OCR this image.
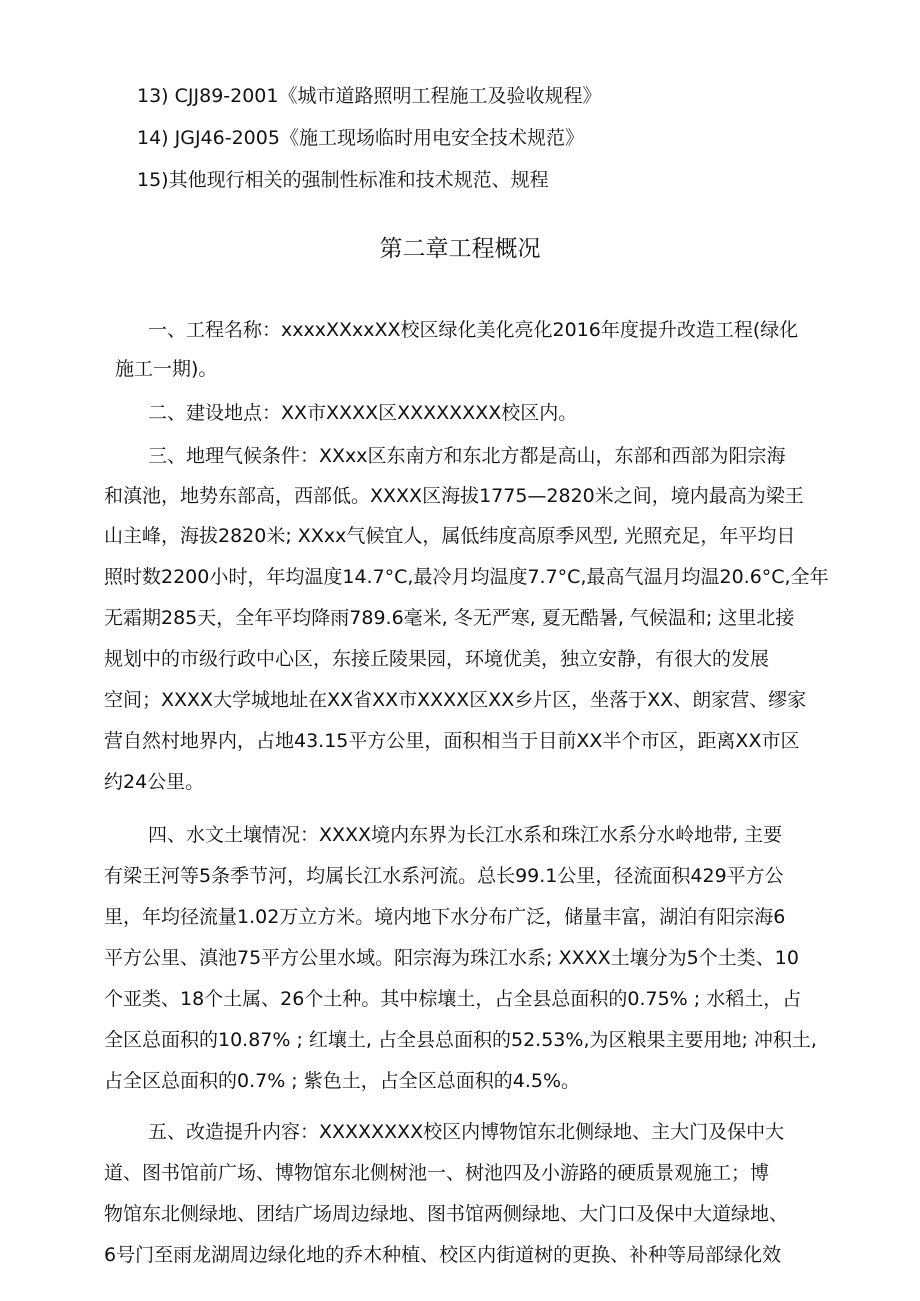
13) CJJ89-2001《城市道路照明工程施工及验收规程》
14) JGJ46-2005《施工现场临时用电安全技术规范》
15)其他现行相关的强制性标准和技术规范、规程
第二章工程概况
一、工程名称：xxxxXXxxXX校区绿化美化亮化2016年度提升改造工程(绿化
施工一期)。
二、建设地点：XX市XXXX区XXXXXXXX校区内。
三、地理气候条件：XXxx区东南方和东北方都是高山，东部和西部为阳宗海
和滇池，地势东部高，西部低。XXXX区海拔1775—2820米之间，境内最高为梁王
山主峰，海拔2820米; XXxx气候宜人，属低纬度高原季风型, 光照充足，年平均日
照时数2200小时，年均温度14.7°C,最冷月均温度7.7°C,最高气温月均温20.6°C,全年
无霜期285天，全年平均降雨789.6毫米, 冬无严寒, 夏无酷暑, 气候温和; 这里北接
规划中的市级行政中心区，东接丘陵果园，环境优美，独立安静，有很大的发展
空间；XXXX大学城地址在XX省XX市XXXX区XX乡片区，坐落于XX、朗家营、缪家
营自然村地界内，占地43.15平方公里，面积相当于目前XX半个市区，距离XX市区
约24公里。
四、水文土壤情况：XXXX境内东界为长江水系和珠江水系分水岭地带, 主要
有梁王河等5条季节河，均属长江水系河流。总长99.1公里，径流面积429平方公
里，年均径流量1.02万立方米。境内地下水分布广泛，储量丰富，湖泊有阳宗海6
平方公里、滇池75平方公里水域。阳宗海为珠江水系; XXXX土壤分为5个土类、10
个亚类、18个土属、26个土种。其中棕壤土，占全县总面积的0.75% ; 水稻土，占
全区总面积的10.87% ; 红壤土, 占全县总面积的52.53%,为区粮果主要用地; 冲积土,
占全区总面积的0.7% ; 紫色土，占全区总面积的4.5%。
五、改造提升内容：XXXXXXXX校区内博物馆东北侧绿地、主大门及保中大
道、图书馆前广场、博物馆东北侧树池一、树池四及小游路的硬质景观施工；博
物馆东北侧绿地、团结广场周边绿地、图书馆两侧绿地、大门口及保中大道绿地、
6号门至雨龙湖周边绿化地的乔木种植、校区内街道树的更换、补种等局部绿化效
